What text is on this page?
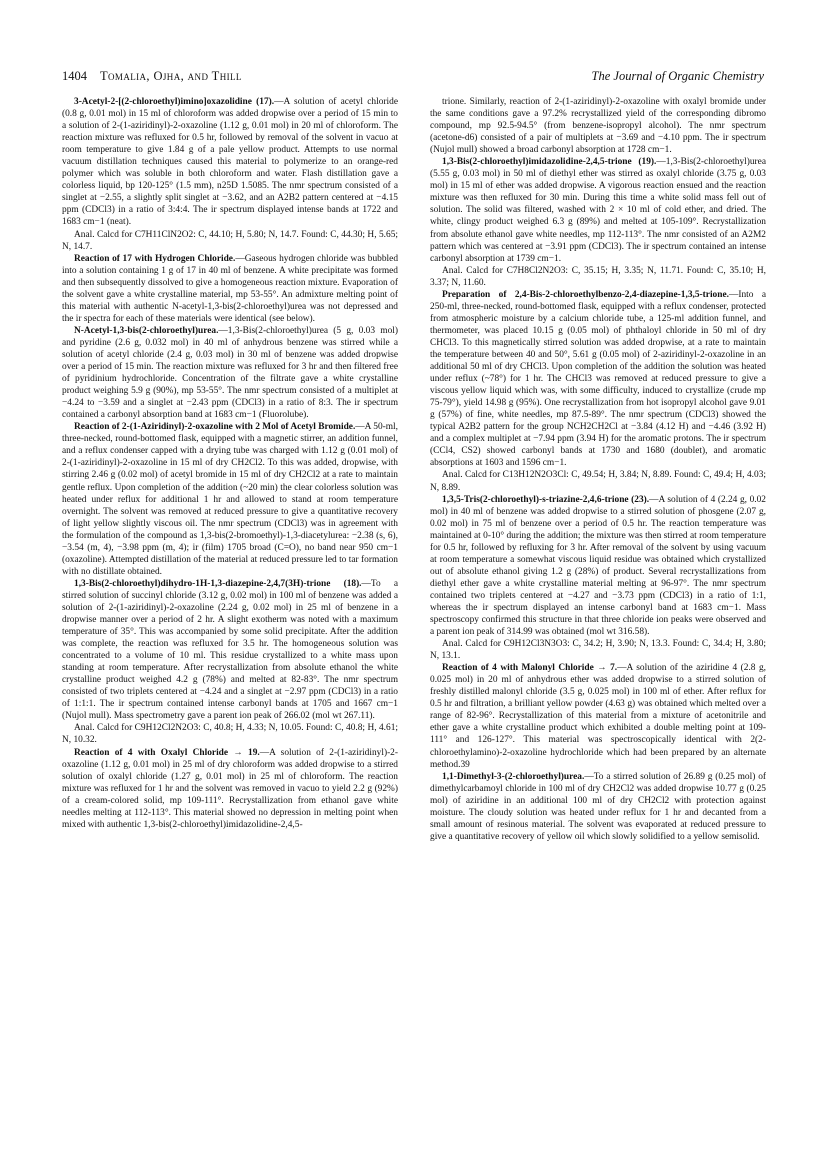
1404 Tomalia, Ojha, and Thill	The Journal of Organic Chemistry

3-Acetyl-2-[(2-chloroethyl)imino]oxazolidine (17).—A solution of acetyl chloride (0.8 g, 0.01 mol) in 15 ml of chloroform was added dropwise over a period of 15 min to a solution of 2-(1-aziridinyl)-2-oxazoline (1.12 g, 0.01 mol) in 20 ml of chloroform. The reaction mixture was refluxed for 0.5 hr, followed by removal of the solvent in vacuo at room temperature to give 1.84 g of a pale yellow product. Attempts to use normal vacuum distillation techniques caused this material to polymerize to an orange-red polymer which was soluble in both chloroform and water. Flash distillation gave a colorless liquid, bp 120-125° (1.5 mm), n25D 1.5085. The nmr spectrum consisted of a singlet at −2.55, a slightly split singlet at −3.62, and an A2B2 pattern centered at −4.15 ppm (CDCl3) in a ratio of 3:4:4. The ir spectrum displayed intense bands at 1722 and 1683 cm−1 (neat).

Anal. Calcd for C7H11ClN2O2: C, 44.10; H, 5.80; N, 14.7. Found: C, 44.30; H, 5.65; N, 14.7.

Reaction of 17 with Hydrogen Chloride.—Gaseous hydrogen chloride was bubbled into a solution containing 1 g of 17 in 40 ml of benzene. A white precipitate was formed and then subsequently dissolved to give a homogeneous reaction mixture. Evaporation of the solvent gave a white crystalline material, mp 53-55°. An admixture melting point of this material with authentic N-acetyl-1,3-bis(2-chloroethyl)urea was not depressed and the ir spectra for each of these materials were identical (see below).

N-Acetyl-1,3-bis(2-chloroethyl)urea.—1,3-Bis(2-chloroethyl)urea (5 g, 0.03 mol) and pyridine (2.6 g, 0.032 mol) in 40 ml of anhydrous benzene was stirred while a solution of acetyl chloride (2.4 g, 0.03 mol) in 30 ml of benzene was added dropwise over a period of 15 min. The reaction mixture was refluxed for 3 hr and then filtered free of pyridinium hydrochloride. Concentration of the filtrate gave a white crystalline product weighing 5.9 g (90%), mp 53-55°. The nmr spectrum consisted of a multiplet at −4.24 to −3.59 and a singlet at −2.43 ppm (CDCl3) in a ratio of 8:3. The ir spectrum contained a carbonyl absorption band at 1683 cm−1 (Fluorolube).

Reaction of 2-(1-Aziridinyl)-2-oxazoline with 2 Mol of Acetyl Bromide.—A 50-ml, three-necked, round-bottomed flask, equipped with a magnetic stirrer, an addition funnel, and a reflux condenser capped with a drying tube was charged with 1.12 g (0.01 mol) of 2-(1-aziridinyl)-2-oxazoline in 15 ml of dry CH2Cl2. To this was added, dropwise, with stirring 2.46 g (0.02 mol) of acetyl bromide in 15 ml of dry CH2Cl2 at a rate to maintain gentle reflux. Upon completion of the addition (~20 min) the clear colorless solution was heated under reflux for additional 1 hr and allowed to stand at room temperature overnight. The solvent was removed at reduced pressure to give a quantitative recovery of light yellow slightly viscous oil. The nmr spectrum (CDCl3) was in agreement with the formulation of the compound as 1,3-bis(2-bromoethyl)-1,3-diacetylurea: −2.38 (s, 6), −3.54 (m, 4), −3.98 ppm (m, 4); ir (film) 1705 broad (C=O), no band near 950 cm−1 (oxazoline). Attempted distillation of the material at reduced pressure led to tar formation with no distillate obtained.

1,3-Bis(2-chloroethyl)dihydro-1H-1,3-diazepine-2,4,7(3H)-trione (18).—To a stirred solution of succinyl chloride (3.12 g, 0.02 mol) in 100 ml of benzene was added a solution of 2-(1-aziridinyl)-2-oxazoline (2.24 g, 0.02 mol) in 25 ml of benzene in a dropwise manner over a period of 2 hr. A slight exotherm was noted with a maximum temperature of 35°. This was accompanied by some solid precipitate. After the addition was complete, the reaction was refluxed for 3.5 hr. The homogeneous solution was concentrated to a volume of 10 ml. This residue crystallized to a white mass upon standing at room temperature. After recrystallization from absolute ethanol the white crystalline product weighed 4.2 g (78%) and melted at 82-83°. The nmr spectrum consisted of two triplets centered at −4.24 and a singlet at −2.97 ppm (CDCl3) in a ratio of 1:1:1. The ir spectrum contained intense carbonyl bands at 1705 and 1667 cm−1 (Nujol mull). Mass spectrometry gave a parent ion peak of 266.02 (mol wt 267.11).

Anal. Calcd for C9H12Cl2N2O3: C, 40.8; H, 4.33; N, 10.05. Found: C, 40.8; H, 4.61; N, 10.32.

Reaction of 4 with Oxalyl Chloride → 19.—A solution of 2-(1-aziridinyl)-2-oxazoline (1.12 g, 0.01 mol) in 25 ml of dry chloroform was added dropwise to a stirred solution of oxalyl chloride (1.27 g, 0.01 mol) in 25 ml of chloroform. The reaction mixture was refluxed for 1 hr and the solvent was removed in vacuo to yield 2.2 g (92%) of a cream-colored solid, mp 109-111°. Recrystallization from ethanol gave white needles melting at 112-113°. This material showed no depression in melting point when mixed with authentic 1,3-bis(2-chloroethyl)imidazolidine-2,4,5-

trione. Similarly, reaction of 2-(1-aziridinyl)-2-oxazoline with oxalyl bromide under the same conditions gave a 97.2% recrystallized yield of the corresponding dibromo compound, mp 92.5-94.5° (from benzene-isopropyl alcohol). The nmr spectrum (acetone-d6) consisted of a pair of multiplets at −3.69 and −4.10 ppm. The ir spectrum (Nujol mull) showed a broad carbonyl absorption at 1728 cm−1.

1,3-Bis(2-chloroethyl)imidazolidine-2,4,5-trione (19).—1,3-Bis(2-chloroethyl)urea (5.55 g, 0.03 mol) in 50 ml of diethyl ether was stirred as oxalyl chloride (3.75 g, 0.03 mol) in 15 ml of ether was added dropwise. A vigorous reaction ensued and the reaction mixture was then refluxed for 30 min. During this time a white solid mass fell out of solution. The solid was filtered, washed with 2 × 10 ml of cold ether, and dried. The white, clingy product weighed 6.3 g (89%) and melted at 105-109°. Recrystallization from absolute ethanol gave white needles, mp 112-113°. The nmr consisted of an A2M2 pattern which was centered at −3.91 ppm (CDCl3). The ir spectrum contained an intense carbonyl absorption at 1739 cm−1.

Anal. Calcd for C7H8Cl2N2O3: C, 35.15; H, 3.35; N, 11.71. Found: C, 35.10; H, 3.37; N, 11.60.

Preparation of 2,4-Bis-2-chloroethylbenzo-2,4-diazepine-1,3,5-trione.—Into a 250-ml, three-necked, round-bottomed flask, equipped with a reflux condenser, protected from atmospheric moisture by a calcium chloride tube, a 125-ml addition funnel, and thermometer, was placed 10.15 g (0.05 mol) of phthaloyl chloride in 50 ml of dry CHCl3. To this magnetically stirred solution was added dropwise, at a rate to maintain the temperature between 40 and 50°, 5.61 g (0.05 mol) of 2-aziridinyl-2-oxazoline in an additional 50 ml of dry CHCl3. Upon completion of the addition the solution was heated under reflux (~78°) for 1 hr. The CHCl3 was removed at reduced pressure to give a viscous yellow liquid which was, with some difficulty, induced to crystallize (crude mp 75-79°), yield 14.98 g (95%). One recrystallization from hot isopropyl alcohol gave 9.01 g (57%) of fine, white needles, mp 87.5-89°. The nmr spectrum (CDCl3) showed the typical A2B2 pattern for the group NCH2CH2Cl at −3.84 (4.12 H) and −4.46 (3.92 H) and a complex multiplet at −7.94 ppm (3.94 H) for the aromatic protons. The ir spectrum (CCl4, CS2) showed carbonyl bands at 1730 and 1680 (doublet), and aromatic absorptions at 1603 and 1596 cm−1.

Anal. Calcd for C13H12N2O3Cl: C, 49.54; H, 3.84; N, 8.89. Found: C, 49.4; H, 4.03; N, 8.89.

1,3,5-Tris(2-chloroethyl)-s-triazine-2,4,6-trione (23).—A solution of 4 (2.24 g, 0.02 mol) in 40 ml of benzene was added dropwise to a stirred solution of phosgene (2.07 g, 0.02 mol) in 75 ml of benzene over a period of 0.5 hr. The reaction temperature was maintained at 0-10° during the addition; the mixture was then stirred at room temperature for 0.5 hr, followed by refluxing for 3 hr. After removal of the solvent by using vacuum at room temperature a somewhat viscous liquid residue was obtained which crystallized out of absolute ethanol giving 1.2 g (28%) of product. Several recrystallizations from diethyl ether gave a white crystalline material melting at 96-97°. The nmr spectrum contained two triplets centered at −4.27 and −3.73 ppm (CDCl3) in a ratio of 1:1, whereas the ir spectrum displayed an intense carbonyl band at 1683 cm−1. Mass spectroscopy confirmed this structure in that three chloride ion peaks were observed and a parent ion peak of 314.99 was obtained (mol wt 316.58).

Anal. Calcd for C9H12Cl3N3O3: C, 34.2; H, 3.90; N, 13.3. Found: C, 34.4; H, 3.80; N, 13.1.

Reaction of 4 with Malonyl Chloride → 7.—A solution of the aziridine 4 (2.8 g, 0.025 mol) in 20 ml of anhydrous ether was added dropwise to a stirred solution of freshly distilled malonyl chloride (3.5 g, 0.025 mol) in 100 ml of ether. After reflux for 0.5 hr and filtration, a brilliant yellow powder (4.63 g) was obtained which melted over a range of 82-96°. Recrystallization of this material from a mixture of acetonitrile and ether gave a white crystalline product which exhibited a double melting point at 109-111° and 126-127°. This material was spectroscopically identical with 2(2-chloroethylamino)-2-oxazoline hydrochloride which had been prepared by an alternate method.39

1,1-Dimethyl-3-(2-chloroethyl)urea.—To a stirred solution of 26.89 g (0.25 mol) of dimethylcarbamoyl chloride in 100 ml of dry CH2Cl2 was added dropwise 10.77 g (0.25 mol) of aziridine in an additional 100 ml of dry CH2Cl2 with protection against moisture. The cloudy solution was heated under reflux for 1 hr and decanted from a small amount of resinous material. The solvent was evaporated at reduced pressure to give a quantitative recovery of yellow oil which slowly solidified to a yellow semisolid.
